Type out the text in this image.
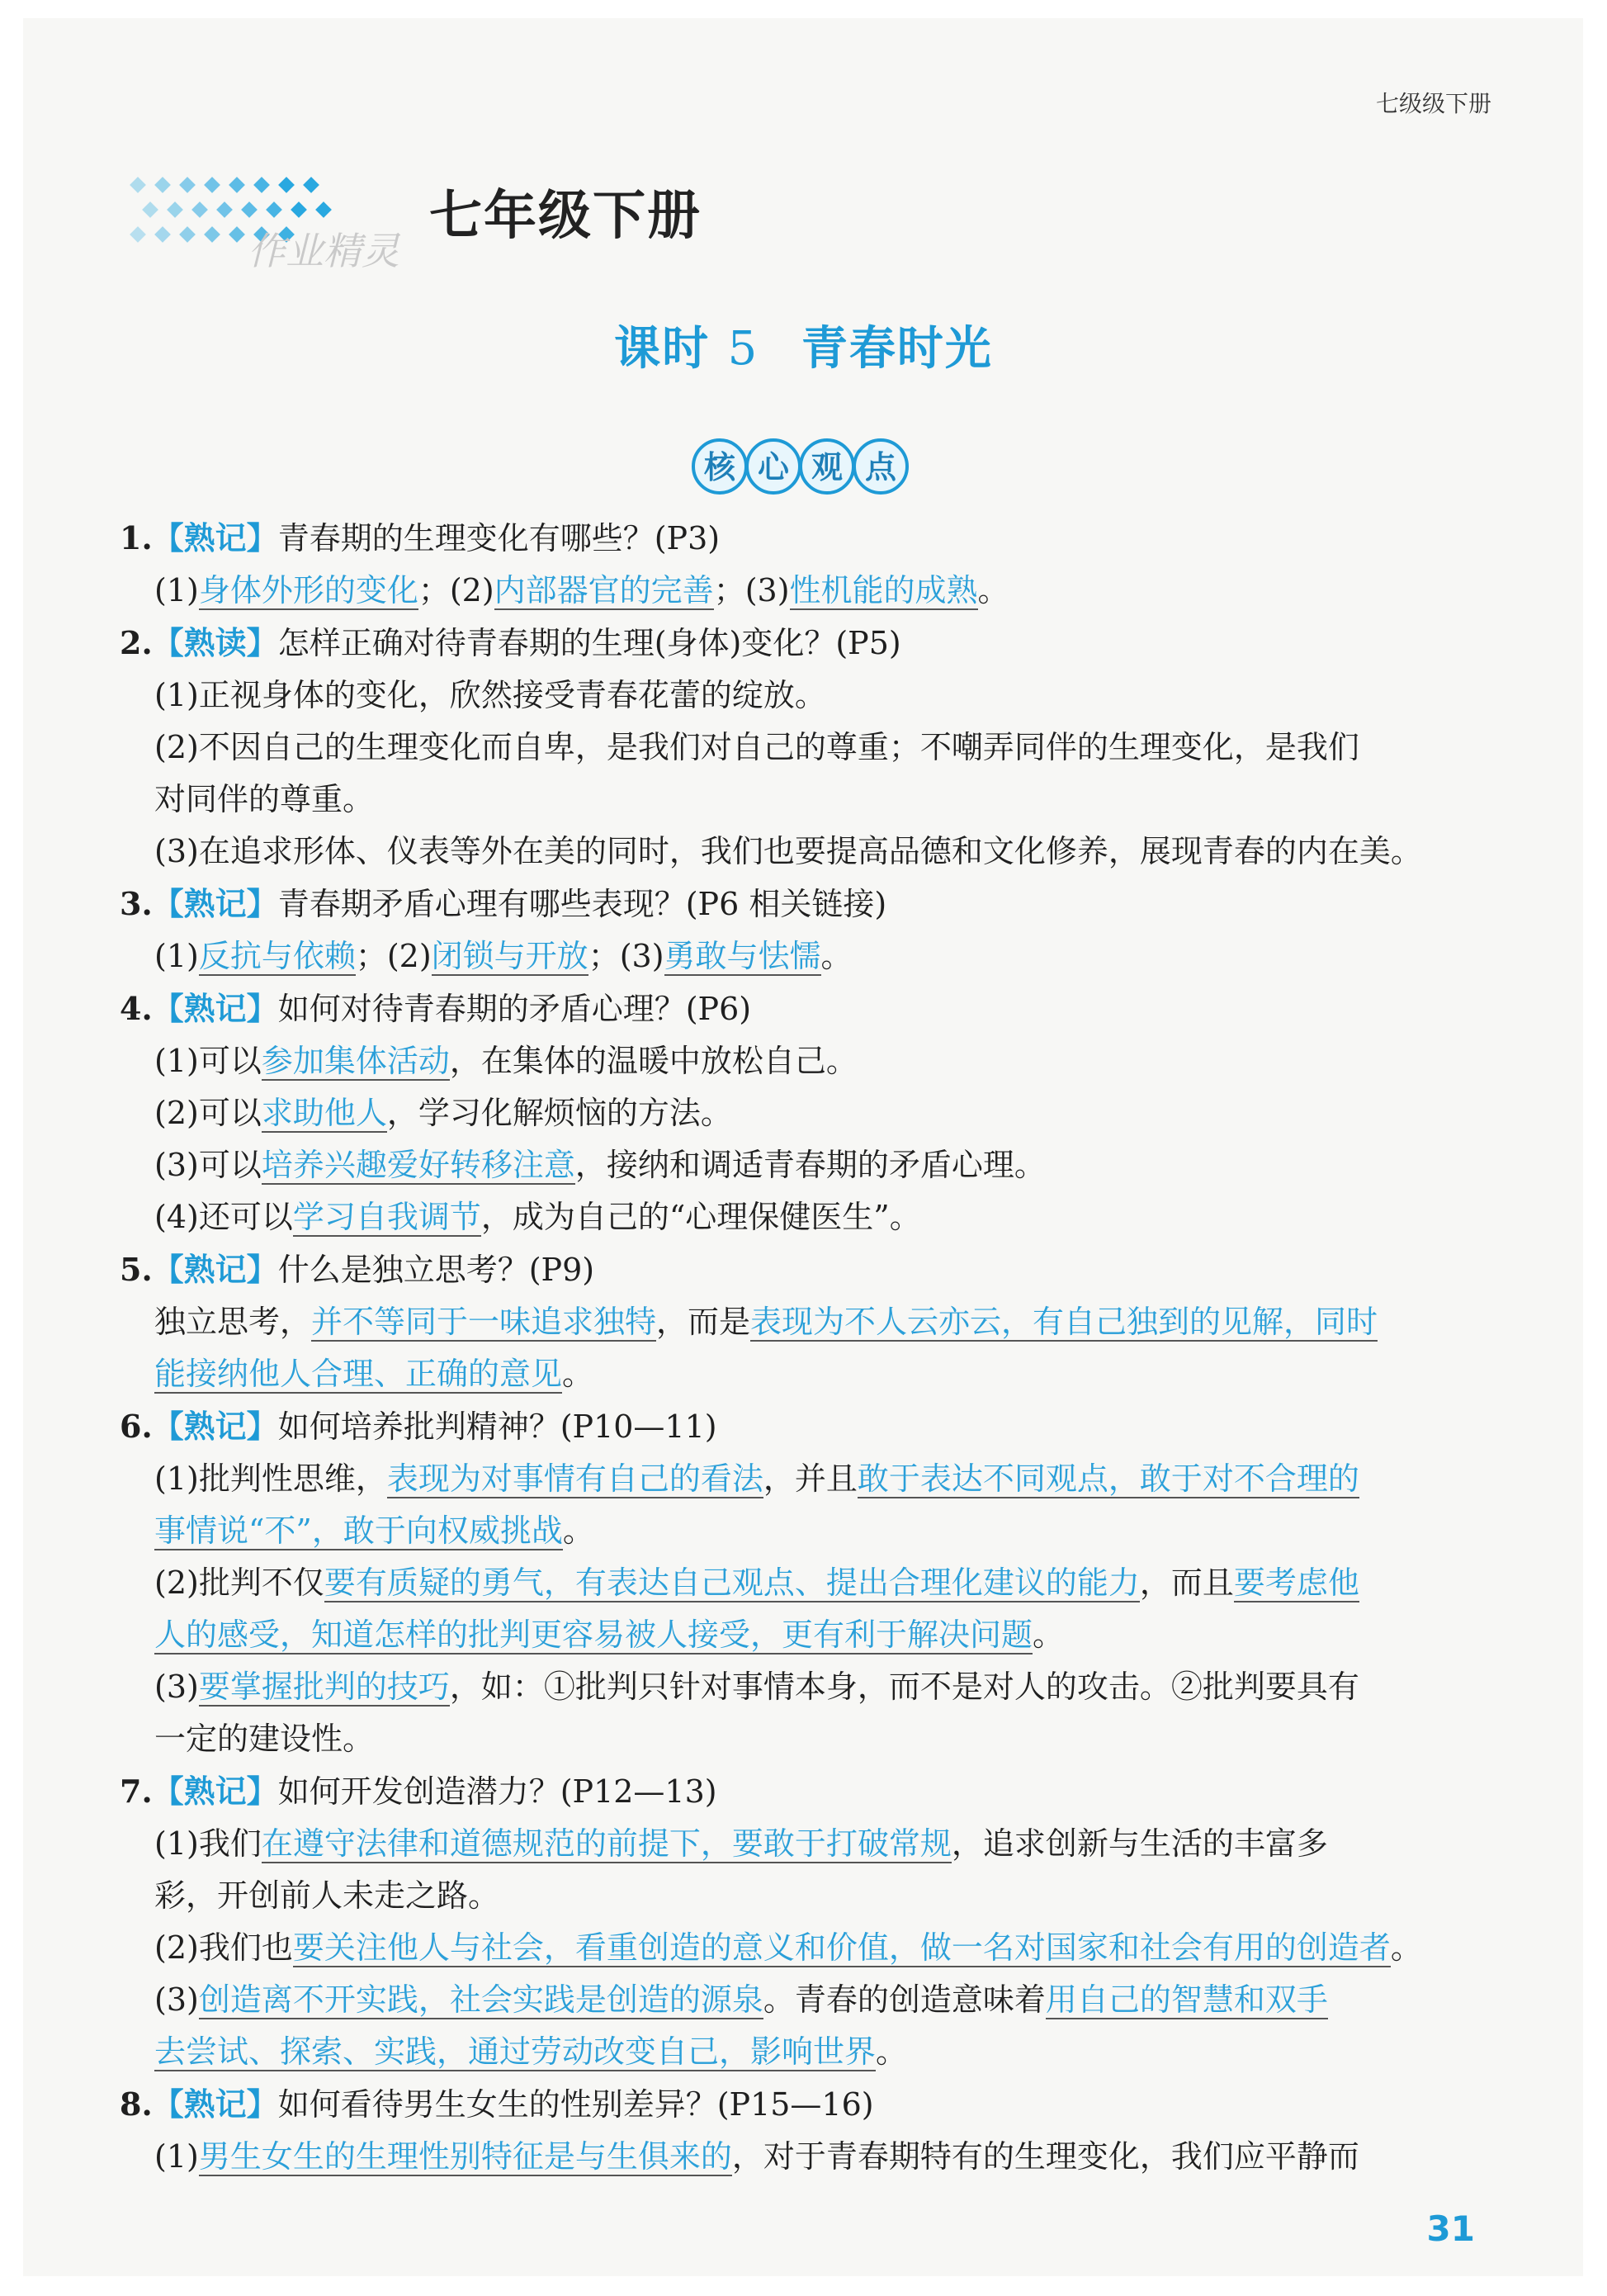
七级级下册
作业精灵
七年级下册
课时 5 青春时光
核 心 观 点

1.【熟记】青春期的生理变化有哪些？(P3)

(1)身体外形的变化；(2)内部器官的完善；(3)性机能的成熟。

2.【熟读】怎样正确对待青春期的生理(身体)变化？(P5)

(1)正视身体的变化，欣然接受青春花蕾的绽放。

(2)不因自己的生理变化而自卑，是我们对自己的尊重；不嘲弄同伴的生理变化，是我们

对同伴的尊重。

(3)在追求形体、仪表等外在美的同时，我们也要提高品德和文化修养，展现青春的内在美。

3.【熟记】青春期矛盾心理有哪些表现？(P6 相关链接)

(1)反抗与依赖；(2)闭锁与开放；(3)勇敢与怯懦。

4.【熟记】如何对待青春期的矛盾心理？(P6)

(1)可以参加集体活动，在集体的温暖中放松自己。

(2)可以求助他人，学习化解烦恼的方法。

(3)可以培养兴趣爱好转移注意，接纳和调适青春期的矛盾心理。

(4)还可以学习自我调节，成为自己的“心理保健医生”。

5.【熟记】什么是独立思考？(P9)

独立思考，并不等同于一味追求独特，而是表现为不人云亦云，有自己独到的见解，同时

能接纳他人合理、正确的意见。

6.【熟记】如何培养批判精神？(P10—11)

(1)批判性思维，表现为对事情有自己的看法，并且敢于表达不同观点，敢于对不合理的

事情说“不”，敢于向权威挑战。

(2)批判不仅要有质疑的勇气，有表达自己观点、提出合理化建议的能力，而且要考虑他

人的感受，知道怎样的批判更容易被人接受，更有利于解决问题。

(3)要掌握批判的技巧，如：①批判只针对事情本身，而不是对人的攻击。②批判要具有

一定的建设性。

7.【熟记】如何开发创造潜力？(P12—13)

(1)我们在遵守法律和道德规范的前提下，要敢于打破常规，追求创新与生活的丰富多

彩，开创前人未走之路。

(2)我们也要关注他人与社会，看重创造的意义和价值，做一名对国家和社会有用的创造者。

(3)创造离不开实践，社会实践是创造的源泉。青春的创造意味着用自己的智慧和双手

去尝试、探索、实践，通过劳动改变自己，影响世界。

8.【熟记】如何看待男生女生的性别差异？(P15—16)

(1)男生女生的生理性别特征是与生俱来的，对于青春期特有的生理变化，我们应平静而

31
